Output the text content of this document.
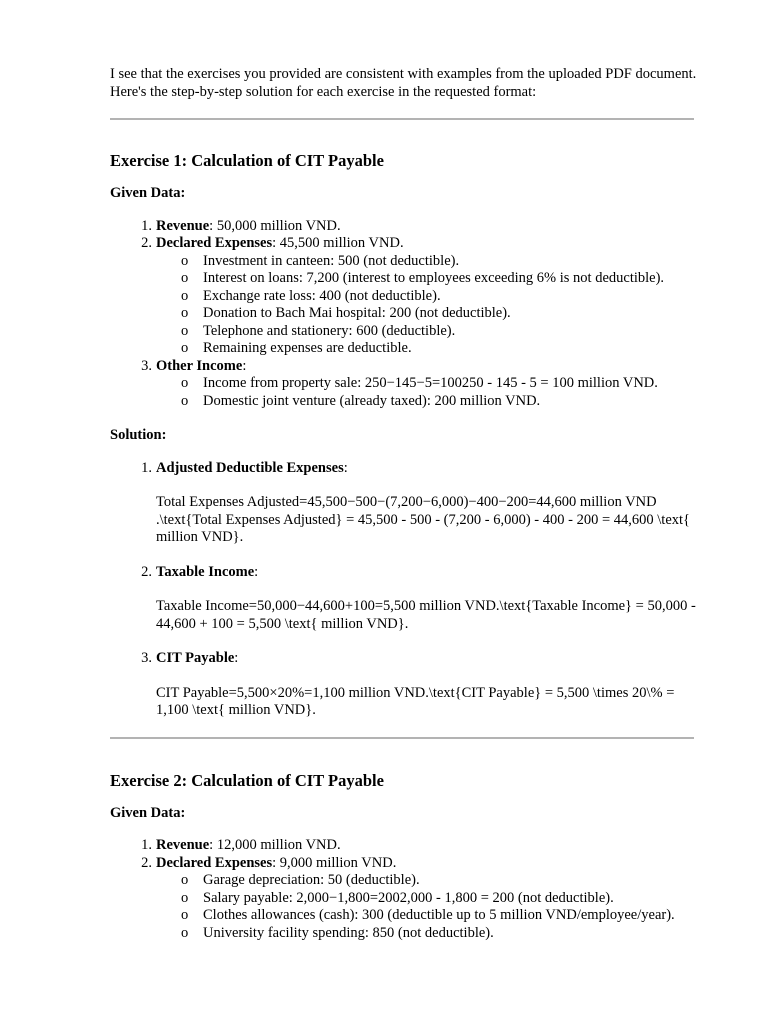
I see that the exercises you provided are consistent with examples from the uploaded PDF document. Here's the step-by-step solution for each exercise in the requested format:

Exercise 1: Calculation of CIT Payable

Given Data:

1. Revenue: 50,000 million VND.
2. Declared Expenses: 45,500 million VND.
o Investment in canteen: 500 (not deductible).
o Interest on loans: 7,200 (interest to employees exceeding 6% is not deductible).
o Exchange rate loss: 400 (not deductible).
o Donation to Bach Mai hospital: 200 (not deductible).
o Telephone and stationery: 600 (deductible).
o Remaining expenses are deductible.
3. Other Income:
o Income from property sale: 250−145−5=100250 - 145 - 5 = 100 million VND.
o Domestic joint venture (already taxed): 200 million VND.

Solution:

1. Adjusted Deductible Expenses:

Total Expenses Adjusted=45,500−500−(7,200−6,000)−400−200=44,600 million VND .\text{Total Expenses Adjusted} = 45,500 - 500 - (7,200 - 6,000) - 400 - 200 = 44,600 \text{ million VND}.

2. Taxable Income:

Taxable Income=50,000−44,600+100=5,500 million VND.\text{Taxable Income} = 50,000 - 44,600 + 100 = 5,500 \text{ million VND}.

3. CIT Payable:

CIT Payable=5,500×20%=1,100 million VND.\text{CIT Payable} = 5,500 \times 20\% = 1,100 \text{ million VND}.

Exercise 2: Calculation of CIT Payable

Given Data:

1. Revenue: 12,000 million VND.
2. Declared Expenses: 9,000 million VND.
o Garage depreciation: 50 (deductible).
o Salary payable: 2,000−1,800=2002,000 - 1,800 = 200 (not deductible).
o Clothes allowances (cash): 300 (deductible up to 5 million VND/employee/year).
o University facility spending: 850 (not deductible).
